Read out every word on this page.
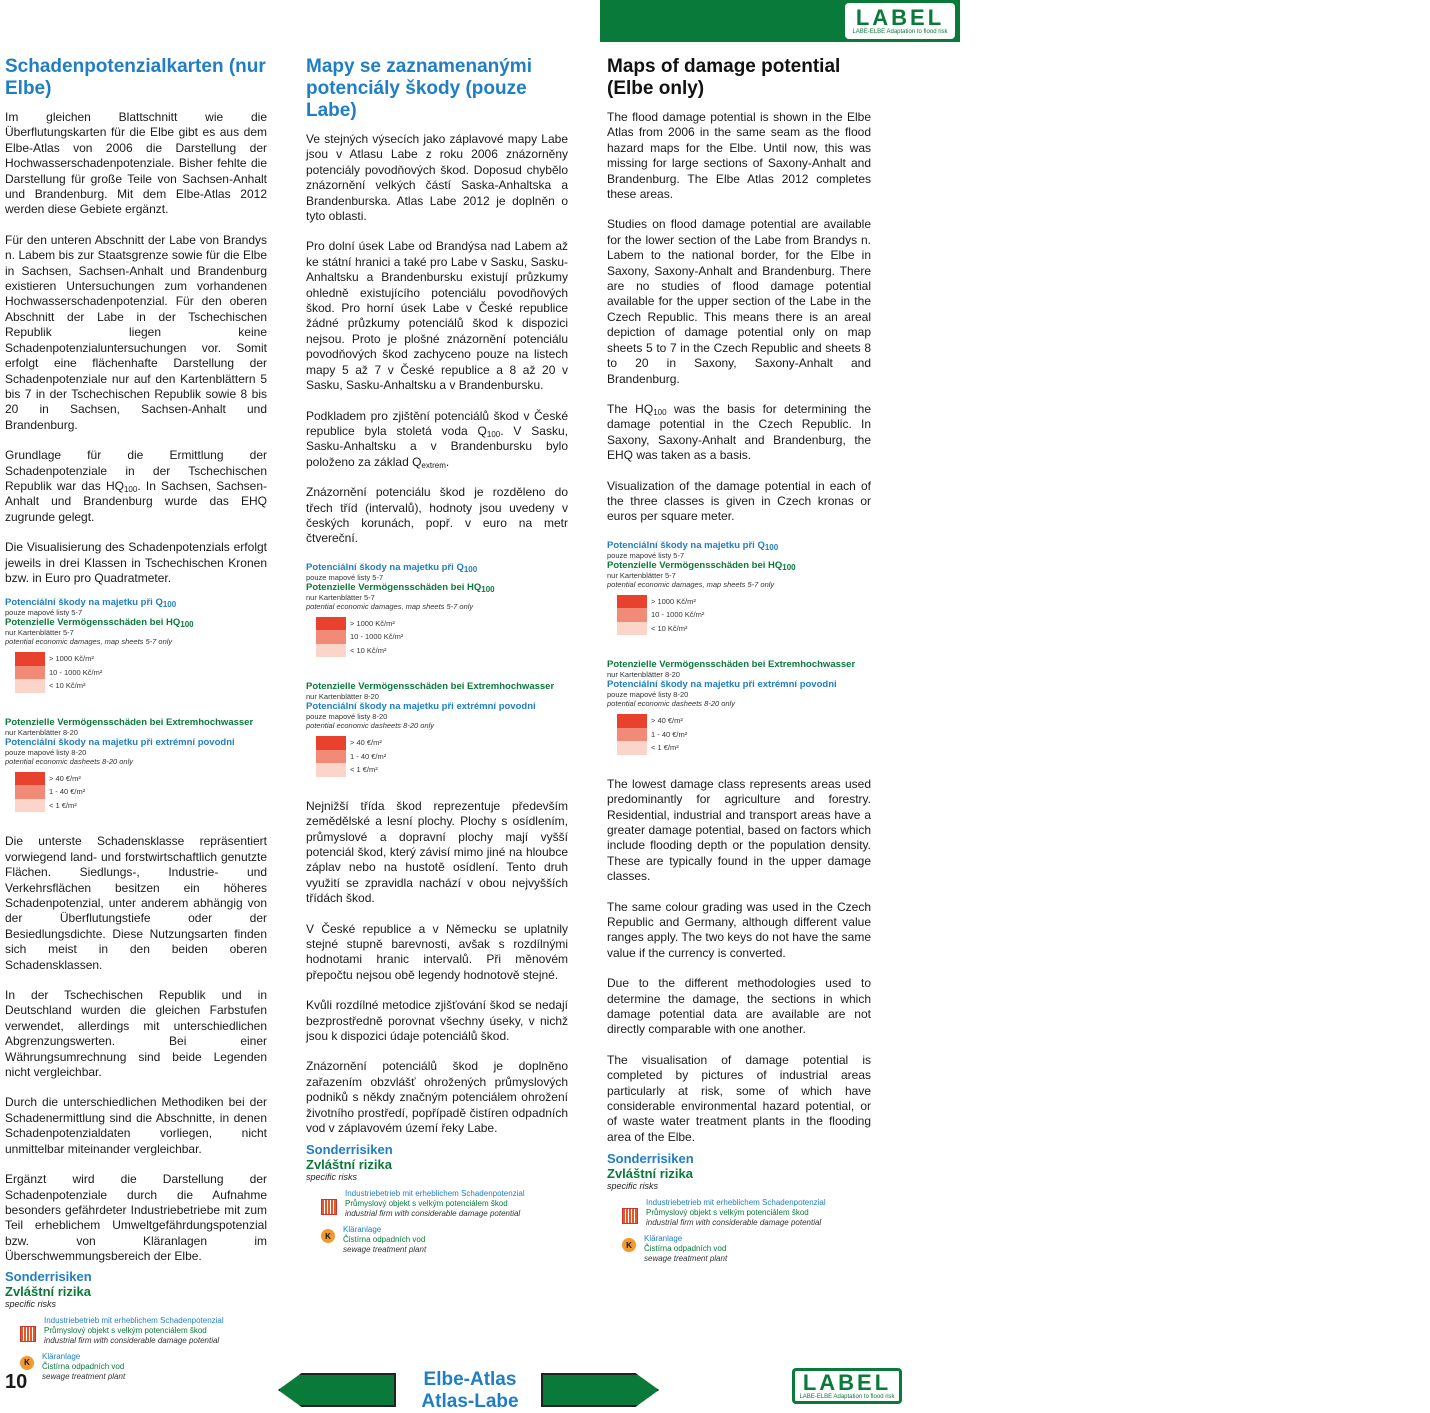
Inhalt Obsah Content
LABEL
LABE-ELBE Adaptation to flood risk
Schadenpotenzialkarten (nur Elbe)

Im gleichen Blattschnitt wie die Überflutungskarten für die Elbe gibt es aus dem Elbe-Atlas von 2006 die Darstellung der Hochwasserschadenpotenziale. Bisher fehlte die Darstellung für große Teile von Sachsen-Anhalt und Brandenburg. Mit dem Elbe-Atlas 2012 werden diese Gebiete ergänzt.

Für den unteren Abschnitt der Labe von Brandys n. Labem bis zur Staatsgrenze sowie für die Elbe in Sachsen, Sachsen-Anhalt und Brandenburg existieren Untersuchungen zum vorhandenen Hochwasserschadenpotenzial. Für den oberen Abschnitt der Labe in der Tschechischen Republik liegen keine Schadenpotenzialuntersuchungen vor. Somit erfolgt eine flächenhafte Darstellung der Schadenpotenziale nur auf den Kartenblättern 5 bis 7 in der Tschechischen Republik sowie 8 bis 20 in Sachsen, Sachsen-Anhalt und Brandenburg.

Grundlage für die Ermittlung der Schadenpotenziale in der Tschechischen Republik war das $HQ_{100}$. In Sachsen, Sachsen-Anhalt und Brandenburg wurde das EHQ zugrunde gelegt.

Die Visualisierung des Schadenpotenzials erfolgt jeweils in drei Klassen in Tschechischen Kronen bzw. in Euro pro Quadratmeter.

Potenciální škody na majetku při $Q_{100}$
pouze mapové listy 5-7
Potenzielle Vermögensschäden bei $HQ_{100}$
nur Kartenblätter 5-7
potential economic damages, map sheets 5-7 only
> 1000 Kč/m²
10 - 1000 Kč/m²
< 10 Kč/m²
Potenzielle Vermögensschäden bei Extremhochwasser
nur Kartenblätter 8-20
Potenciální škody na majetku při extrémní povodni
pouze mapové listy 8-20
potential economic dasheets 8-20 only
> 40 €/m²
1 - 40 €/m²
< 1 €/m²

Die unterste Schadensklasse repräsentiert vorwiegend land- und forstwirtschaftlich genutzte Flächen. Siedlungs-, Industrie- und Verkehrsflächen besitzen ein höheres Schadenpotenzial, unter anderem abhängig von der Überflutungstiefe oder der Besiedlungsdichte. Diese Nutzungsarten finden sich meist in den beiden oberen Schadensklassen.

In der Tschechischen Republik und in Deutschland wurden die gleichen Farbstufen verwendet, allerdings mit unterschiedlichen Abgrenzungswerten. Bei einer Währungsumrechnung sind beide Legenden nicht vergleichbar.

Durch die unterschiedlichen Methodiken bei der Schadenermittlung sind die Abschnitte, in denen Schadenpotenzialdaten vorliegen, nicht unmittelbar miteinander vergleichbar.

Ergänzt wird die Darstellung der Schadenpotenziale durch die Aufnahme besonders gefährdeter Industriebetriebe mit zum Teil erheblichem Umweltgefährdungspotenzial bzw. von Kläranlagen im Überschwemmungsbereich der Elbe.

Sonderrisiken
Zvláštní rizika
specific risks
Industriebetrieb mit erheblichem Schadenpotenzial
Průmyslový objekt s velkým potenciálem škod
industrial firm with considerable damage potential
K
Kläranlage
Čistírna odpadních vod
sewage treatment plant
Mapy se zaznamenanými potenciály škody (pouze Labe)

Ve stejných výsecích jako záplavové mapy Labe jsou v Atlasu Labe z roku 2006 znázorněny potenciály povodňových škod. Doposud chybělo znázornění velkých částí Saska-Anhaltska a Brandenburska. Atlas Labe 2012 je doplněn o tyto oblasti.

Pro dolní úsek Labe od Brandýsa nad Labem až ke státní hranici a také pro Labe v Sasku, Sasku-Anhaltsku a Brandenbursku existují průzkumy ohledně existujícího potenciálu povodňových škod. Pro horní úsek Labe v České republice žádné průzkumy potenciálů škod k dispozici nejsou. Proto je plošné znázornění potenciálu povodňových škod zachyceno pouze na listech mapy 5 až 7 v České republice a 8 až 20 v Sasku, Sasku-Anhaltsku a v Brandenbursku.

Podkladem pro zjištění potenciálů škod v České republice byla stoletá voda $Q_{100}$. V Sasku, Sasku-Anhaltsku a v Brandenbursku bylo položeno za základ $Q_{extrem}$.

Znázornění potenciálu škod je rozděleno do třech tříd (intervalů), hodnoty jsou uvedeny v českých korunách, popř. v euro na metr čtvereční.

Potenciální škody na majetku při $Q_{100}$
pouze mapové listy 5-7
Potenzielle Vermögensschäden bei $HQ_{100}$
nur Kartenblätter 5-7
potential economic damages, map sheets 5-7 only
> 1000 Kč/m²
10 - 1000 Kč/m²
< 10 Kč/m²
Potenzielle Vermögensschäden bei Extremhochwasser
nur Kartenblätter 8-20
Potenciální škody na majetku při extrémní povodni
pouze mapové listy 8-20
potential economic dasheets 8-20 only
> 40 €/m²
1 - 40 €/m²
< 1 €/m²

Nejnižší třída škod reprezentuje především zemědělské a lesní plochy. Plochy s osídlením, průmyslové a dopravní plochy mají vyšší potenciál škod, který závisí mimo jiné na hloubce záplav nebo na hustotě osídlení. Tento druh využití se zpravidla nachází v obou nejvyšších třídách škod.

V České republice a v Německu se uplatnily stejné stupně barevnosti, avšak s rozdílnými hodnotami hranic intervalů. Při měnovém přepočtu nejsou obě legendy hodnotově stejné.

Kvůli rozdílné metodice zjišťování škod se nedají bezprostředně porovnat všechny úseky, v nichž jsou k dispozici údaje potenciálů škod.

Znázornění potenciálů škod je doplněno zařazením obzvlášť ohrožených průmyslových podniků s někdy značným potenciálem ohrožení životního prostředí, popřípadě čistíren odpadních vod v záplavovém území řeky Labe.

Sonderrisiken
Zvláštní rizika
specific risks
Industriebetrieb mit erheblichem Schadenpotenzial
Průmyslový objekt s velkým potenciálem škod
industrial firm with considerable damage potential
K
Kläranlage
Čistírna odpadních vod
sewage treatment plant
Maps of damage potential (Elbe only)

The flood damage potential is shown in the Elbe Atlas from 2006 in the same seam as the flood hazard maps for the Elbe. Until now, this was missing for large sections of Saxony-Anhalt and Brandenburg. The Elbe Atlas 2012 completes these areas.

Studies on flood damage potential are available for the lower section of the Labe from Brandys n. Labem to the national border, for the Elbe in Saxony, Saxony-Anhalt and Brandenburg. There are no studies of flood damage potential available for the upper section of the Labe in the Czech Republic. This means there is an areal depiction of damage potential only on map sheets 5 to 7 in the Czech Republic and sheets 8 to 20 in Saxony, Saxony-Anhalt and Brandenburg.

The $HQ_{100}$ was the basis for determining the damage potential in the Czech Republic. In Saxony, Saxony-Anhalt and Brandenburg, the EHQ was taken as a basis.

Visualization of the damage potential in each of the three classes is given in Czech kronas or euros per square meter.

Potenciální škody na majetku při $Q_{100}$
pouze mapové listy 5-7
Potenzielle Vermögensschäden bei $HQ_{100}$
nur Kartenblätter 5-7
potential economic damages, map sheets 5-7 only
> 1000 Kč/m²
10 - 1000 Kč/m²
< 10 Kč/m²
Potenzielle Vermögensschäden bei Extremhochwasser
nur Kartenblätter 8-20
Potenciální škody na majetku při extrémní povodni
pouze mapové listy 8-20
potential economic dasheets 8-20 only
> 40 €/m²
1 - 40 €/m²
< 1 €/m²

The lowest damage class represents areas used predominantly for agriculture and forestry. Residential, industrial and transport areas have a greater damage potential, based on factors which include flooding depth or the population density. These are typically found in the upper damage classes.

The same colour grading was used in the Czech Republic and Germany, although different value ranges apply. The two keys do not have the same value if the currency is converted.

Due to the different methodologies used to determine the damage, the sections in which damage potential data are available are not directly comparable with one another.

The visualisation of damage potential is completed by pictures of industrial areas particularly at risk, some of which have considerable environmental hazard potential, or of waste water treatment plants in the flooding area of the Elbe.

Sonderrisiken
Zvláštní rizika
specific risks
Industriebetrieb mit erheblichem Schadenpotenzial
Průmyslový objekt s velkým potenciálem škod
industrial firm with considerable damage potential
K
Kläranlage
Čistírna odpadních vod
sewage treatment plant
10	Elbe-Atlas
Atlas-Labe
LABEL
LABE-ELBE Adaptation to flood risk
